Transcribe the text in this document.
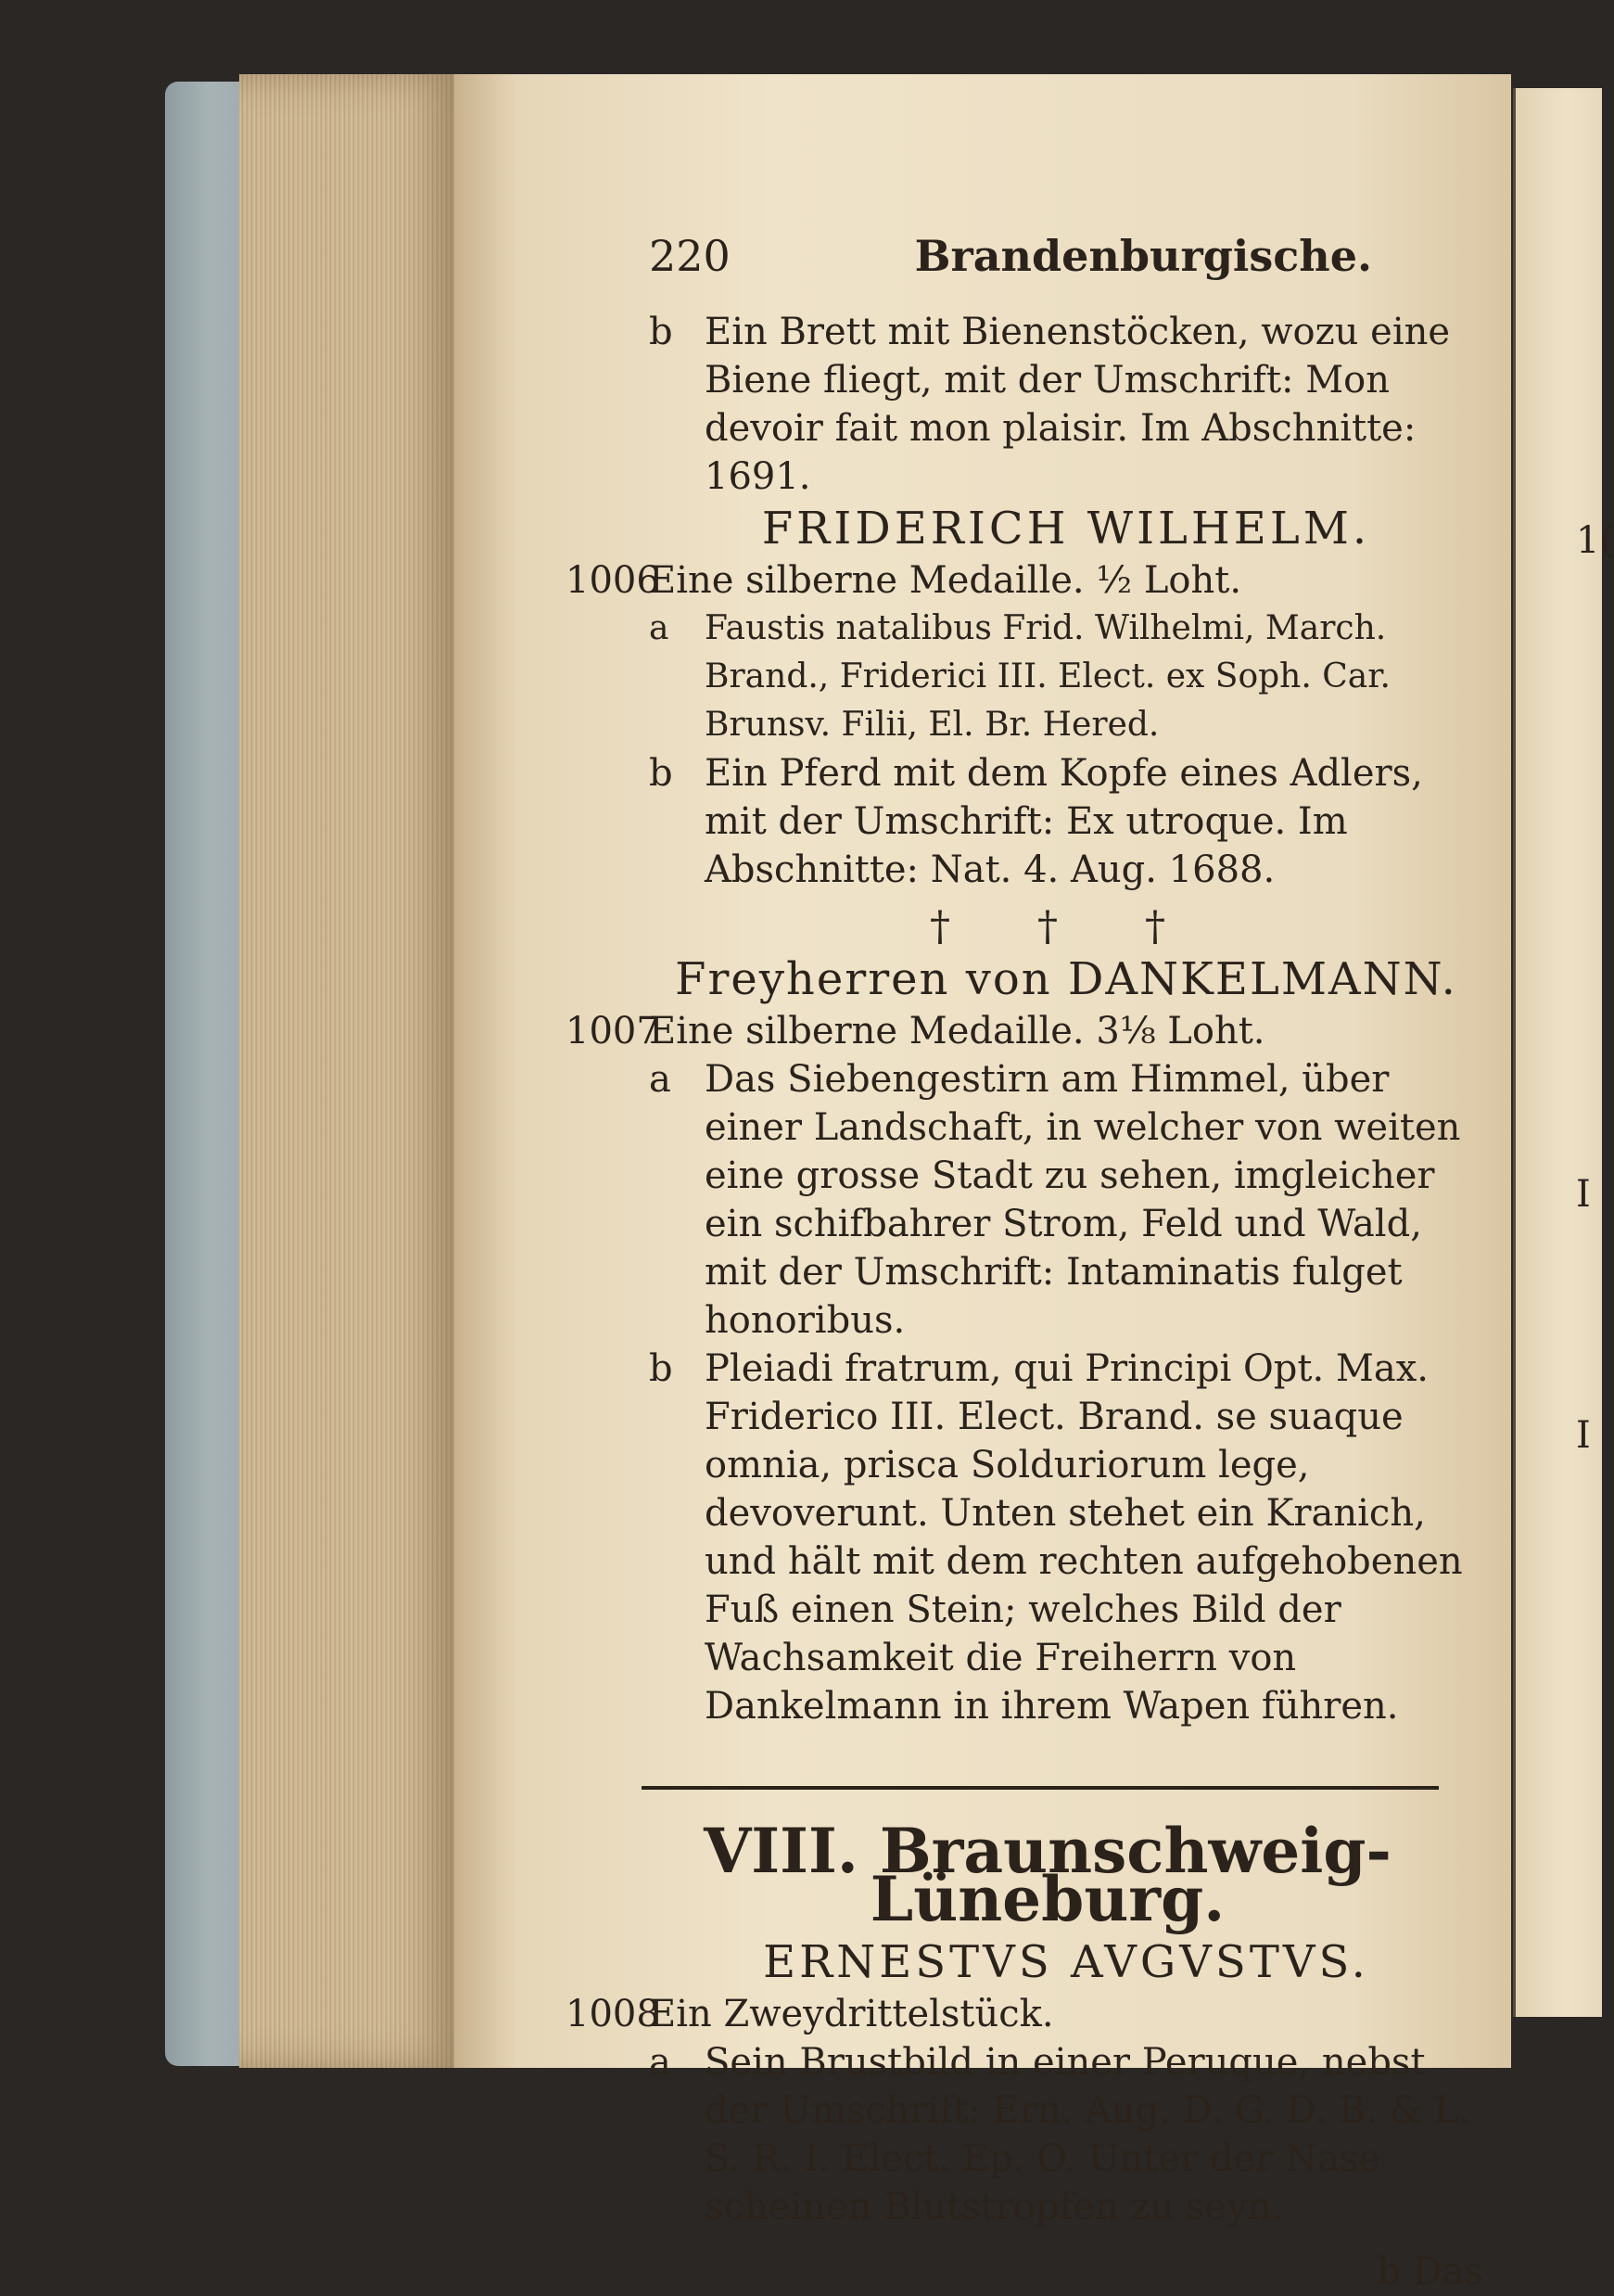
1(
I
I
220	Brandenburgische.
b Ein Brett mit Bienenstöcken, wozu eine Biene fliegt, mit der Umschrift: Mon devoir fait mon plaisir. Im Abschnitte: 1691.
FRIDERICH WILHELM.
1006
Eine silberne Medaille. ½ Loht.
a	Faustis natalibus Frid. Wilhelmi, March. Brand., Friderici III. Elect. ex Soph. Car. Brunsv. Filii, El. Br. Hered.
b Ein Pferd mit dem Kopfe eines Adlers, mit der Umschrift: Ex utroque. Im Abschnitte: Nat. 4. Aug. 1688.
† † †
Freyherren von DANKELMANN.
1007
Eine silberne Medaille. 3⅛ Loht.
a Das Siebengestirn am Himmel, über einer Landschaft, in welcher von weiten eine grosse Stadt zu sehen, imgleicher ein schifbahrer Strom, Feld und Wald, mit der Umschrift: Intaminatis fulget honoribus.
b Pleiadi fratrum, qui Principi Opt. Max. Friderico III. Elect. Brand. se suaque omnia, prisca Solduriorum lege, devoverunt. Unten stehet ein Kranich, und hält mit dem rechten aufgehobenen Fuß einen Stein; welches Bild der Wachsamkeit die Freiherrn von Dankelmann in ihrem Wapen führen.
VIII. Braunschweig-Lüneburg.
ERNESTVS AVGVSTVS.
1008
Ein Zweydrittelstück.
a Sein Brustbild in einer Peruque, nebst der Umschrift: Ern. Aug. D. G. D. B. & L. S. R. I. Elect. Ep. O. Unter der Nase scheinen Blutstropfen zu seyn.
b Das
